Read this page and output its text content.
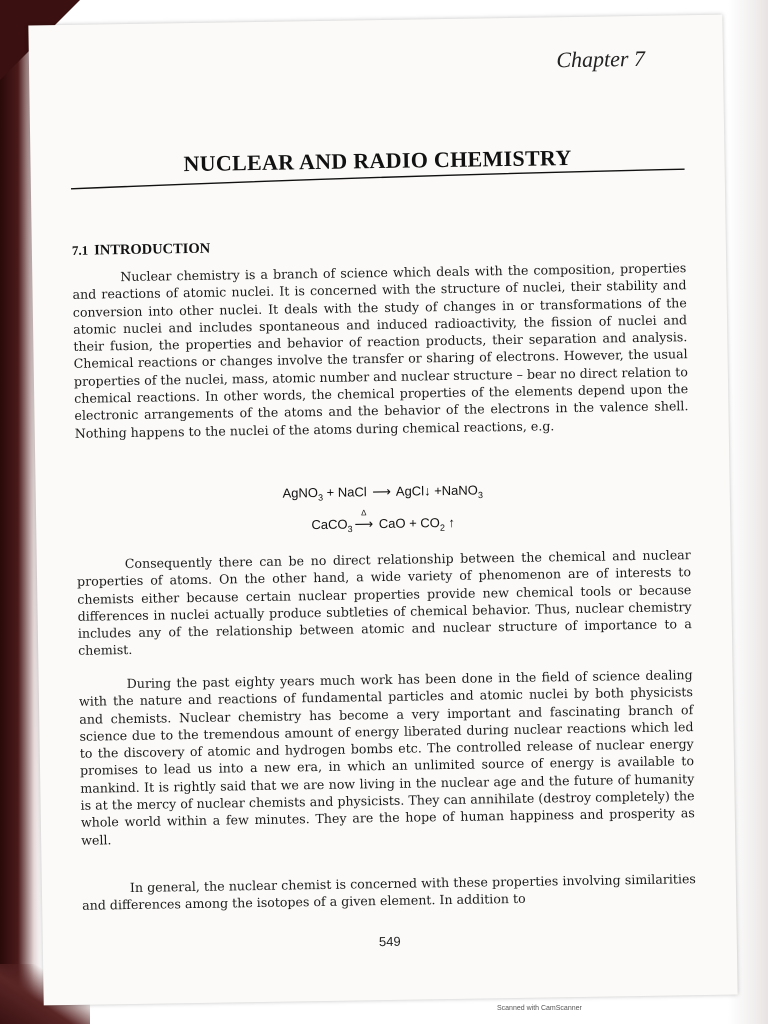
Chapter 7
NUCLEAR AND RADIO CHEMISTRY
7.1 INTRODUCTION

Nuclear chemistry is a branch of science which deals with the composition, properties and reactions of atomic nuclei. It is concerned with the structure of nuclei, their stability and conversion into other nuclei. It deals with the study of changes in or transformations of the atomic nuclei and includes spontaneous and induced radioactivity, the fission of nuclei and their fusion, the properties and behavior of reaction products, their separation and analysis. Chemical reactions or changes involve the transfer or sharing of electrons. However, the usual properties of the nuclei, mass, atomic number and nuclear structure – bear no direct relation to chemical reactions. In other words, the chemical properties of the elements depend upon the electronic arrangements of the atoms and the behavior of the electrons in the valence shell. Nothing happens to the nuclei of the atoms during chemical reactions, e.g.

AgNO$_3$ + NaCl ⟶ AgCl↓ +NaNO$_3$
CaCO$_3$
Δ
⟶ CaO + $CO_2$ ↑

Consequently there can be no direct relationship between the chemical and nuclear properties of atoms. On the other hand, a wide variety of phenomenon are of interests to chemists either because certain nuclear properties provide new chemical tools or because differences in nuclei actually produce subtleties of chemical behavior. Thus, nuclear chemistry includes any of the relationship between atomic and nuclear structure of importance to a chemist.

During the past eighty years much work has been done in the field of science dealing with the nature and reactions of fundamental particles and atomic nuclei by both physicists and chemists. Nuclear chemistry has become a very important and fascinating branch of science due to the tremendous amount of energy liberated during nuclear reactions which led to the discovery of atomic and hydrogen bombs etc. The controlled release of nuclear energy promises to lead us into a new era, in which an unlimited source of energy is available to mankind. It is rightly said that we are now living in the nuclear age and the future of humanity is at the mercy of nuclear chemists and physicists. They can annihilate (destroy completely) the whole world within a few minutes. They are the hope of human happiness and prosperity as well.

In general, the nuclear chemist is concerned with these properties involving similarities and differences among the isotopes of a given element. In addition to

549
Scanned with CamScanner
